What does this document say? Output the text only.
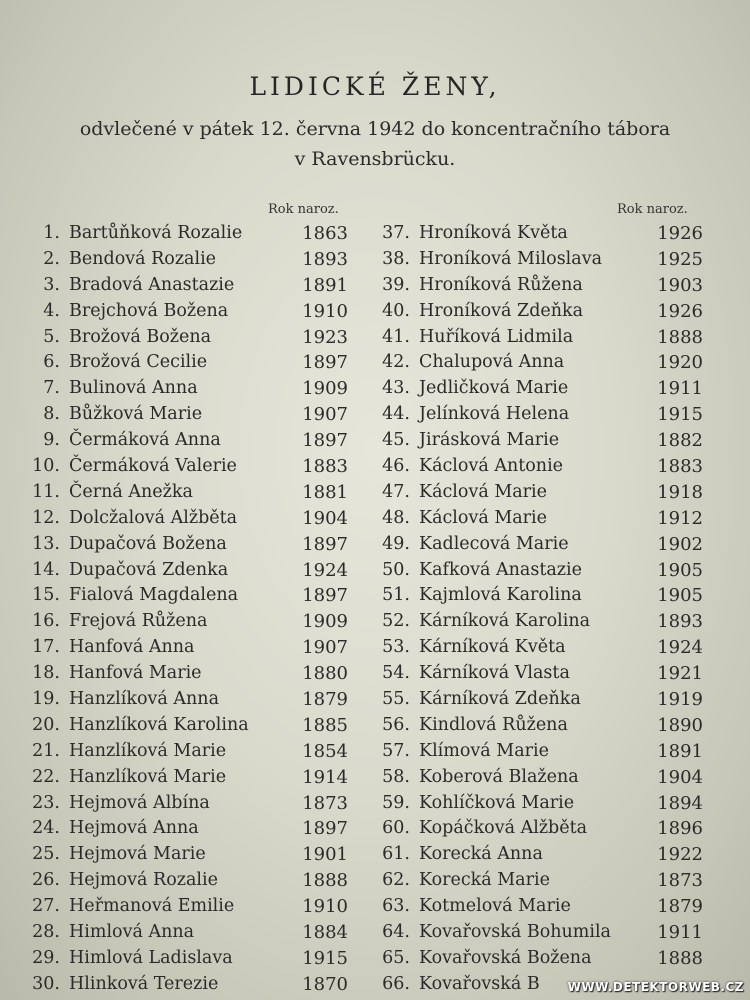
LIDICKÉ ŽENY,
odvlečené v pátek 12. června 1942 do koncentračního tábora
v Ravensbrücku.
Rok naroz.	Rok naroz.
1. Bartůňková Rozalie	1863
2. Bendová Rozalie	1893
3. Bradová Anastazie	1891
4. Brejchová Božena	1910
5. Brožová Božena	1923
6. Brožová Cecilie	1897
7. Bulinová Anna	1909
8. Bůžková Marie	1907
9. Čermáková Anna	1897
10. Čermáková Valerie	1883
11. Černá Anežka	1881
12. Dolcžalová Alžběta	1904
13. Dupačová Božena	1897
14. Dupačová Zdenka	1924
15. Fialová Magdalena	1897
16. Frejová Růžena	1909
17. Hanfová Anna	1907
18. Hanfová Marie	1880
19. Hanzlíková Anna	1879
20. Hanzlíková Karolina	1885
21. Hanzlíková Marie	1854
22. Hanzlíková Marie	1914
23. Hejmová Albína	1873
24. Hejmová Anna	1897
25. Hejmová Marie	1901
26. Hejmová Rozalie	1888
27. Heřmanová Emilie	1910
28. Himlová Anna	1884
29. Himlová Ladislava	1915
30. Hlinková Terezie	1870
37. Hroníková Květa	1926
38. Hroníková Miloslava	1925
39. Hroníková Růžena	1903
40. Hroníková Zdeňka	1926
41. Huříková Lidmila	1888
42. Chalupová Anna	1920
43. Jedličková Marie	1911
44. Jelínková Helena	1915
45. Jirásková Marie	1882
46. Káclová Antonie	1883
47. Káclová Marie	1918
48. Káclová Marie	1912
49. Kadlecová Marie	1902
50. Kafková Anastazie	1905
51. Kajmlová Karolina	1905
52. Kárníková Karolina	1893
53. Kárníková Květa	1924
54. Kárníková Vlasta	1921
55. Kárníková Zdeňka	1919
56. Kindlová Růžena	1890
57. Klímová Marie	1891
58. Koberová Blažena	1904
59. Kohlíčková Marie	1894
60. Kopáčková Alžběta	1896
61. Korecká Anna	1922
62. Korecká Marie	1873
63. Kotmelová Marie	1879
64. Kovařovská Bohumila	1911
65. Kovařovská Božena	1888
66. Kovařovská B WWW.DETEKTORWEB.CZ
